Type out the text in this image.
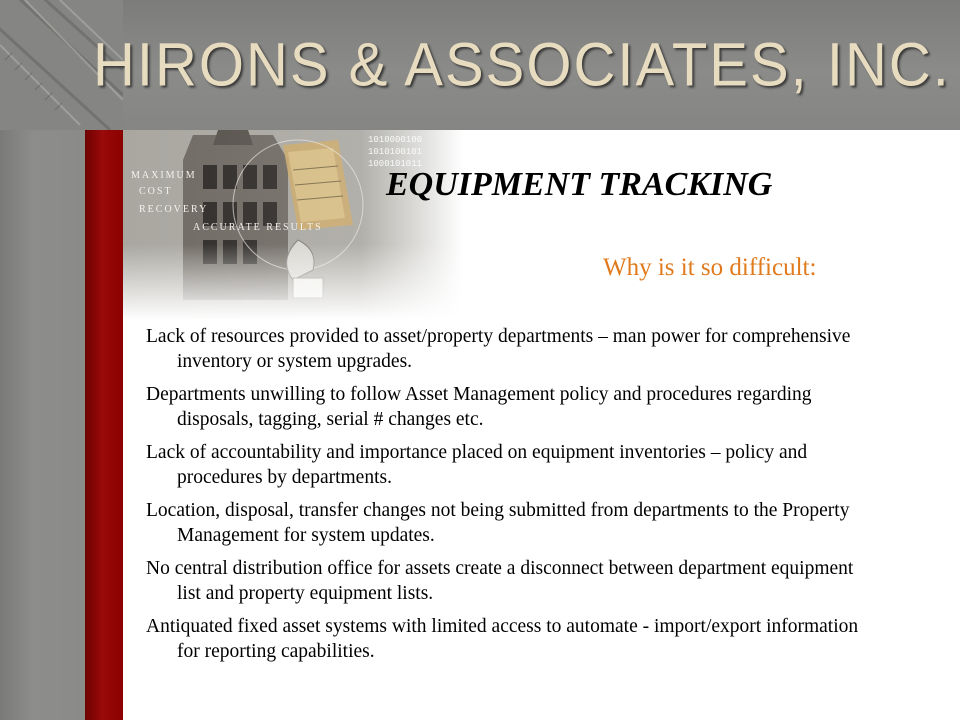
HIRONS & ASSOCIATES, INC.
MAXIMUM
COST
RECOVERY
ACCURATE RESULTS
1010000100
1010100101
1000101011
EQUIPMENT TRACKING
Why is it so difficult:
Lack of resources provided to asset/property departments – man power for comprehensive inventory or system upgrades.
Departments unwilling to follow Asset Management policy and procedures regarding disposals, tagging, serial # changes etc.
Lack of accountability and importance placed on equipment inventories – policy and procedures by departments.
Location, disposal, transfer changes not being submitted from departments to the Property Management for system updates.
No central distribution office for assets create a disconnect between department equipment list and property equipment lists.
Antiquated fixed asset systems with limited access to automate - import/export information for reporting capabilities.
